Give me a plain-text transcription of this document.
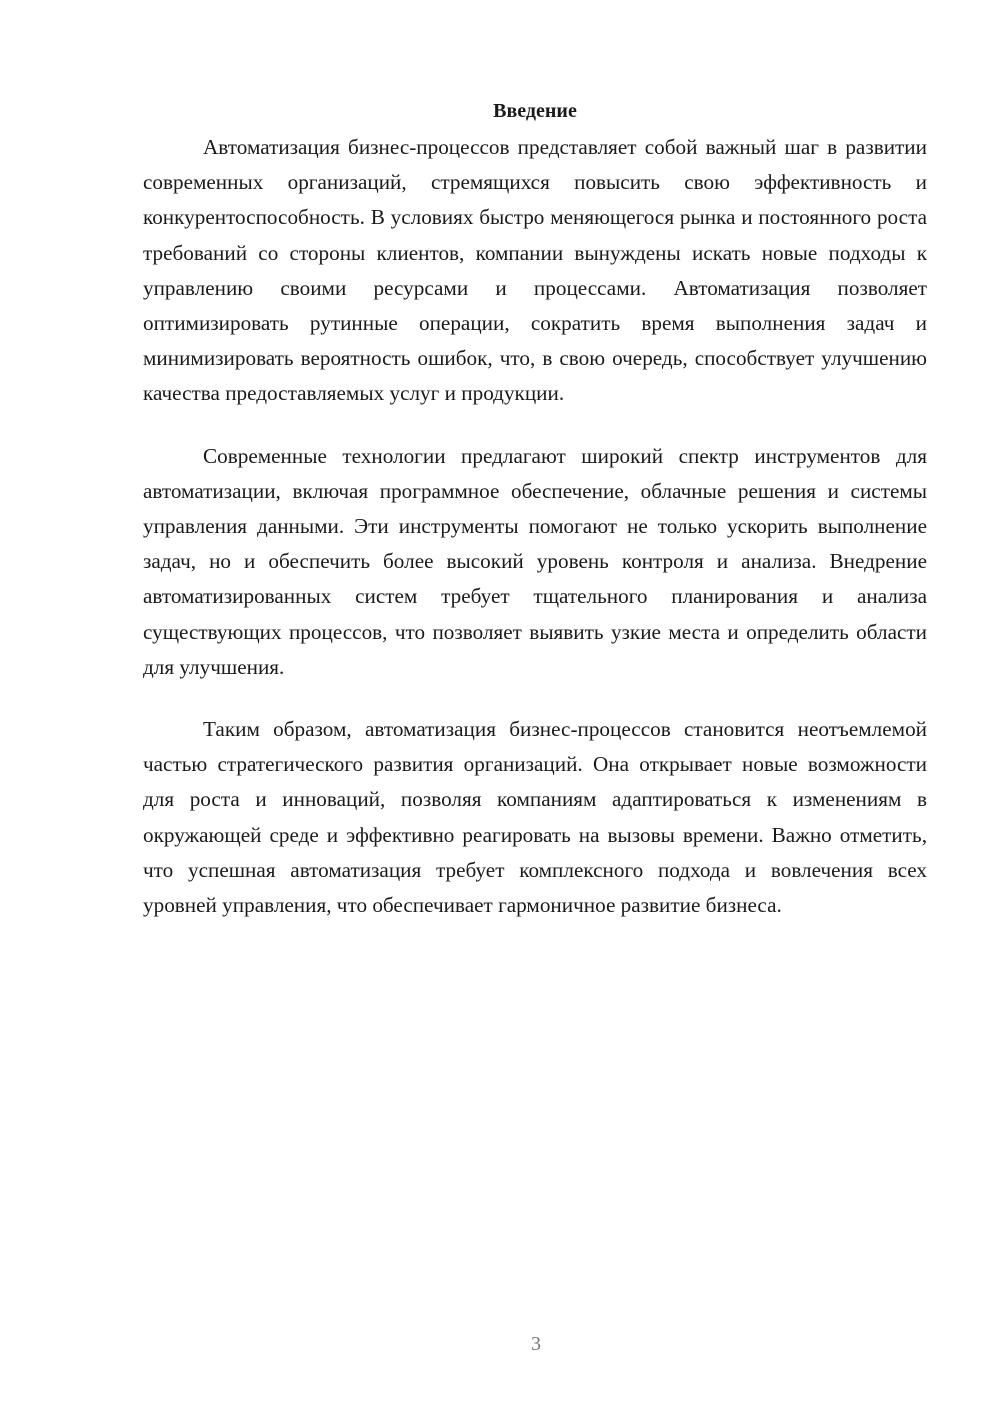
Введение

Автоматизация бизнес-процессов представляет собой важный шаг в развитии современных организаций, стремящихся повысить свою эффективность и конкурентоспособность. В условиях быстро меняющегося рынка и постоянного роста требований со стороны клиентов, компании вынуждены искать новые подходы к управлению своими ресурсами и процессами. Автоматизация позволяет оптимизировать рутинные операции, сократить время выполнения задач и минимизировать вероятность ошибок, что, в свою очередь, способствует улучшению качества предоставляемых услуг и продукции.

Современные технологии предлагают широкий спектр инструментов для автоматизации, включая программное обеспечение, облачные решения и системы управления данными. Эти инструменты помогают не только ускорить выполнение задач, но и обеспечить более высокий уровень контроля и анализа. Внедрение автоматизированных систем требует тщательного планирования и анализа существующих процессов, что позволяет выявить узкие места и определить области для улучшения.

Таким образом, автоматизация бизнес-процессов становится неотъемлемой частью стратегического развития организаций. Она открывает новые возможности для роста и инноваций, позволяя компаниям адаптироваться к изменениям в окружающей среде и эффективно реагировать на вызовы времени. Важно отметить, что успешная автоматизация требует комплексного подхода и вовлечения всех уровней управления, что обеспечивает гармоничное развитие бизнеса.

3
